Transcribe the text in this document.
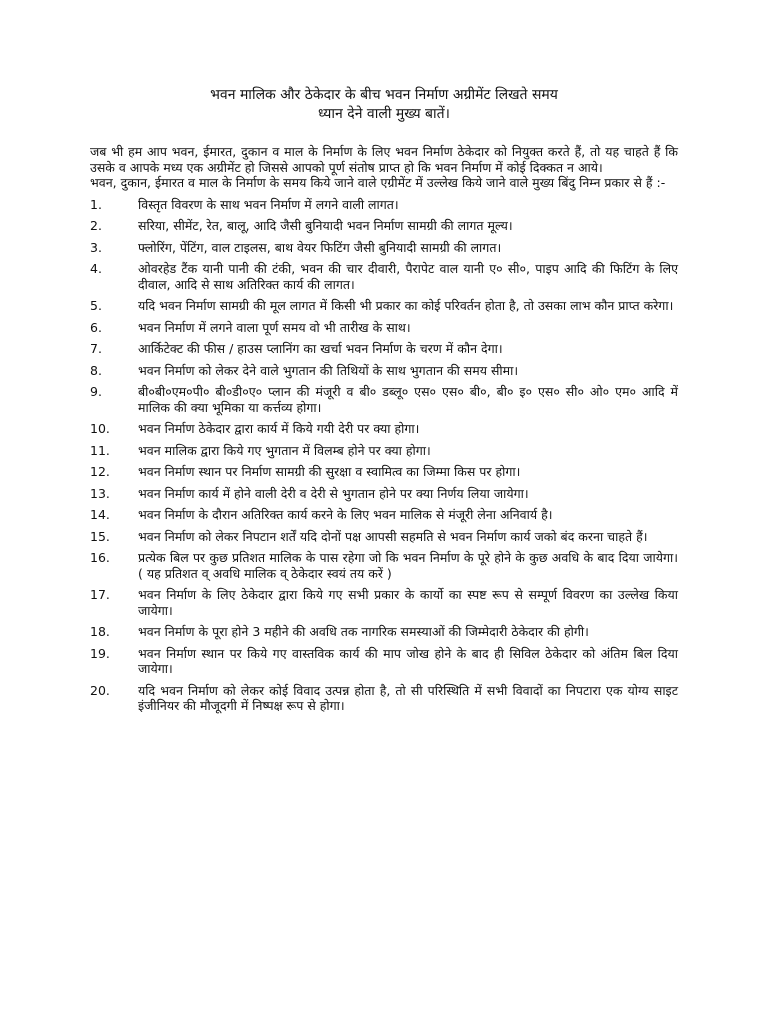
भवन मालिक और ठेकेदार के बीच भवन निर्माण अग्रीमेंट लिखते समय
ध्यान देने वाली मुख्य बातें।

जब भी हम आप भवन, ईमारत, दुकान व माल के निर्माण के लिए भवन निर्माण ठेकेदार को नियुक्त करते हैं, तो यह चाहते हैं कि उसके व आपके मध्य एक अग्रीमेंट हो जिससे आपको पूर्ण संतोष प्राप्त हो कि भवन निर्माण में कोई दिक्कत न आये।

भवन, दुकान, ईमारत व माल के निर्माण के समय किये जाने वाले एग्रीमेंट में उल्लेख किये जाने वाले मुख्य बिंदु निम्न प्रकार से हैं :-

1.	विस्तृत विवरण के साथ भवन निर्माण में लगने वाली लागत।
2.	सरिया, सीमेंट, रेत, बालू, आदि जैसी बुनियादी भवन निर्माण सामग्री की लागत मूल्य।
3.	फ्लोरिंग, पेंटिंग, वाल टाइलस, बाथ वेयर फिटिंग जैसी बुनियादी सामग्री की लागत।
4.	ओवरहेड टैंक यानी पानी की टंकी, भवन की चार दीवारी, पैरापेट वाल यानी ए० सी०, पाइप आदि की फिटिंग के लिए दीवाल, आदि से साथ अतिरिक्त कार्य की लागत।
5.	यदि भवन निर्माण सामग्री की मूल लागत में किसी भी प्रकार का कोई परिवर्तन होता है, तो उसका लाभ कौन प्राप्त करेगा।
6.	भवन निर्माण में लगने वाला पूर्ण समय वो भी तारीख के साथ।
7.	आर्किटेक्ट की फीस / हाउस प्लानिंग का खर्चा भवन निर्माण के चरण में कौन देगा।
8.	भवन निर्माण को लेकर देने वाले भुगतान की तिथियों के साथ भुगतान की समय सीमा।
9.	बी०बी०एम०पी० बी०डी०ए० प्लान की मंजूरी व बी० डब्लू० एस० एस० बी०, बी० इ० एस० सी० ओ० एम० आदि में मालिक की क्या भूमिका या कर्त्तव्य होगा।
10.	भवन निर्माण ठेकेदार द्वारा कार्य में किये गयी देरी पर क्या होगा।
11.	भवन मालिक द्वारा किये गए भुगतान में विलम्ब होने पर क्या होगा।
12.	भवन निर्माण स्थान पर निर्माण सामग्री की सुरक्षा व स्वामित्व का जिम्मा किस पर होगा।
13.	भवन निर्माण कार्य में होने वाली देरी व देरी से भुगतान होने पर क्या निर्णय लिया जायेगा।
14.	भवन निर्माण के दौरान अतिरिक्त कार्य करने के लिए भवन मालिक से मंजूरी लेना अनिवार्य है।
15.	भवन निर्माण को लेकर निपटान शर्तें यदि दोनों पक्ष आपसी सहमति से भवन निर्माण कार्य जको बंद करना चाहते हैं।
16.	प्रत्येक बिल पर कुछ प्रतिशत मालिक के पास रहेगा जो कि भवन निर्माण के पूरे होने के कुछ अवधि के बाद दिया जायेगा। ( यह प्रतिशत व् अवधि मालिक व् ठेकेदार स्वयं तय करें )
17.	भवन निर्माण के लिए ठेकेदार द्वारा किये गए सभी प्रकार के कार्यो का स्पष्ट रूप से सम्पूर्ण विवरण का उल्लेख किया जायेगा।
18.	भवन निर्माण के पूरा होने 3 महीने की अवधि तक नागरिक समस्याओं की जिम्मेदारी ठेकेदार की होगी।
19.	भवन निर्माण स्थान पर किये गए वास्तविक कार्य की माप जोख होने के बाद ही सिविल ठेकेदार को अंतिम बिल दिया जायेगा।
20.	यदि भवन निर्माण को लेकर कोई विवाद उत्पन्न होता है, तो सी परिस्थिति में सभी विवादों का निपटारा एक योग्य साइट इंजीनियर की मौजूदगी में निष्पक्ष रूप से होगा।
